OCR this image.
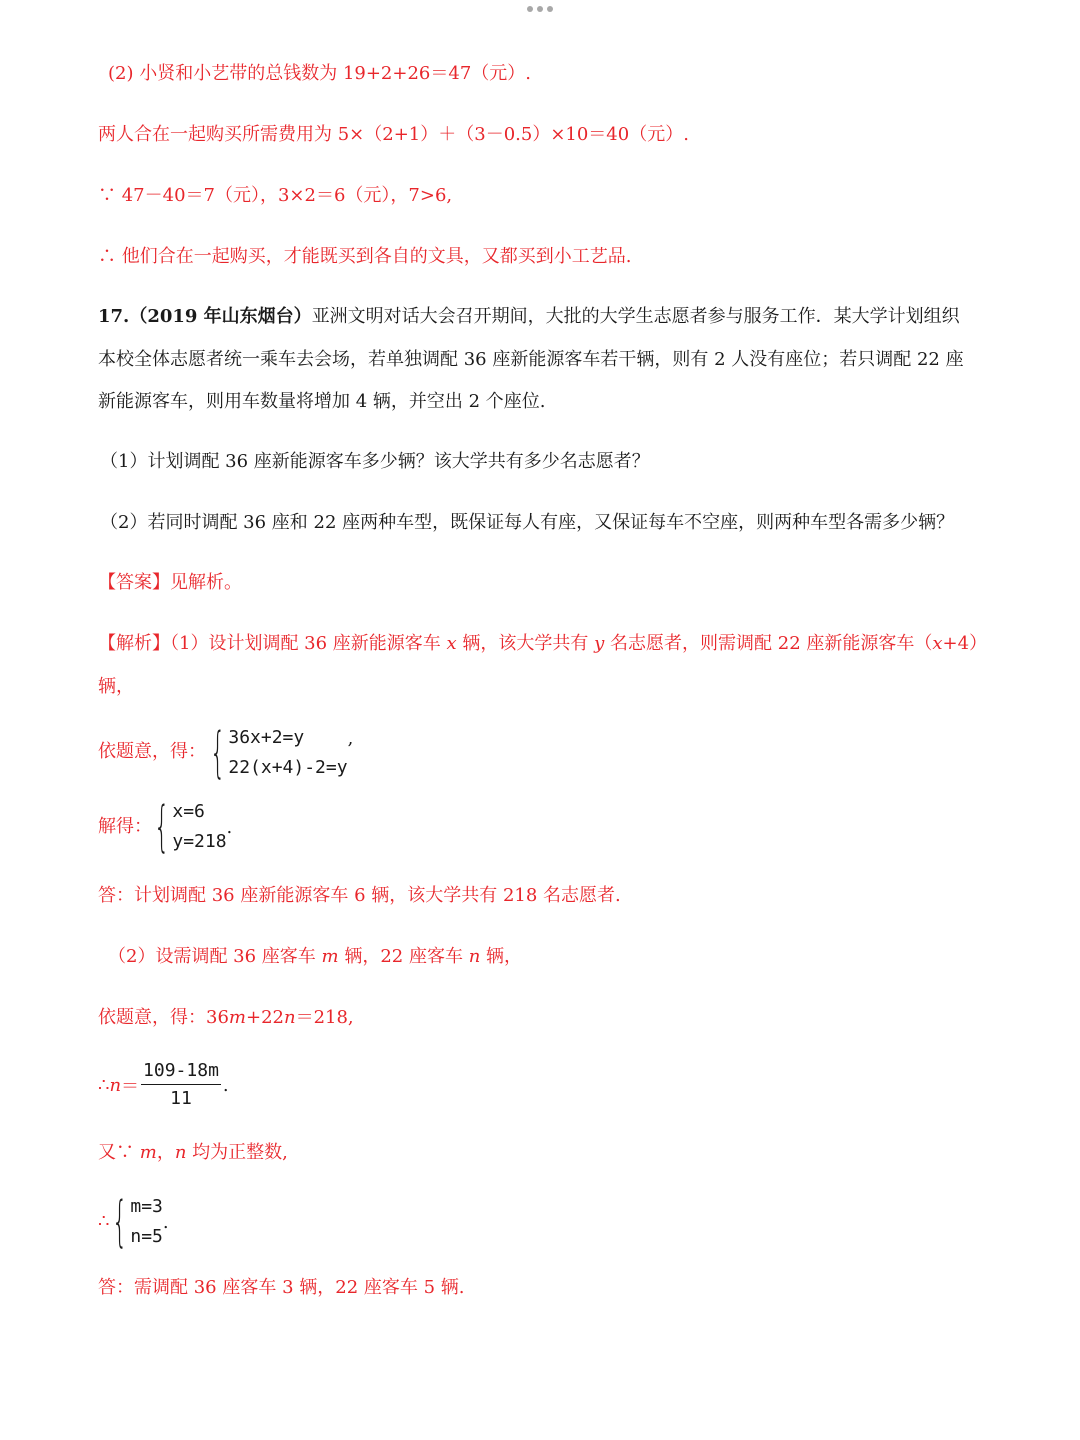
(2) 小贤和小艺带的总钱数为 19+2+26＝47（元）.
两人合在一起购买所需费用为 5×（2+1）＋（3－0.5）×10＝40（元）.
∵ 47－40＝7（元），3×2＝6（元），7>6,
∴ 他们合在一起购买，才能既买到各自的文具，又都买到小工艺品.
17.（2019 年山东烟台）亚洲文明对话大会召开期间，大批的大学生志愿者参与服务工作．某大学计划组织
本校全体志愿者统一乘车去会场，若单独调配 36 座新能源客车若干辆，则有 2 人没有座位；若只调配 22 座
新能源客车，则用车数量将增加 4 辆，并空出 2 个座位.
（1）计划调配 36 座新能源客车多少辆？该大学共有多少名志愿者？
（2）若同时调配 36 座和 22 座两种车型，既保证每人有座，又保证每车不空座，则两种车型各需多少辆？
【答案】见解析。
【解析】（1）设计划调配 36 座新能源客车 x 辆，该大学共有 y 名志愿者，则需调配 22 座新能源客车（x+4）
辆，
依题意，得： { 36x+2=y
22(x+4)-2=y
,
解得： { x=6
y=218
.
答：计划调配 36 座新能源客车 6 辆，该大学共有 218 名志愿者.
（2）设需调配 36 座客车 m 辆，22 座客车 n 辆，
依题意，得：36m+22n＝218,
∴ $n = \frac{109-18m}{11}$ .
又∵ m，n 均为正整数,
∴ { m=3
n=5
.
答：需调配 36 座客车 3 辆，22 座客车 5 辆.
